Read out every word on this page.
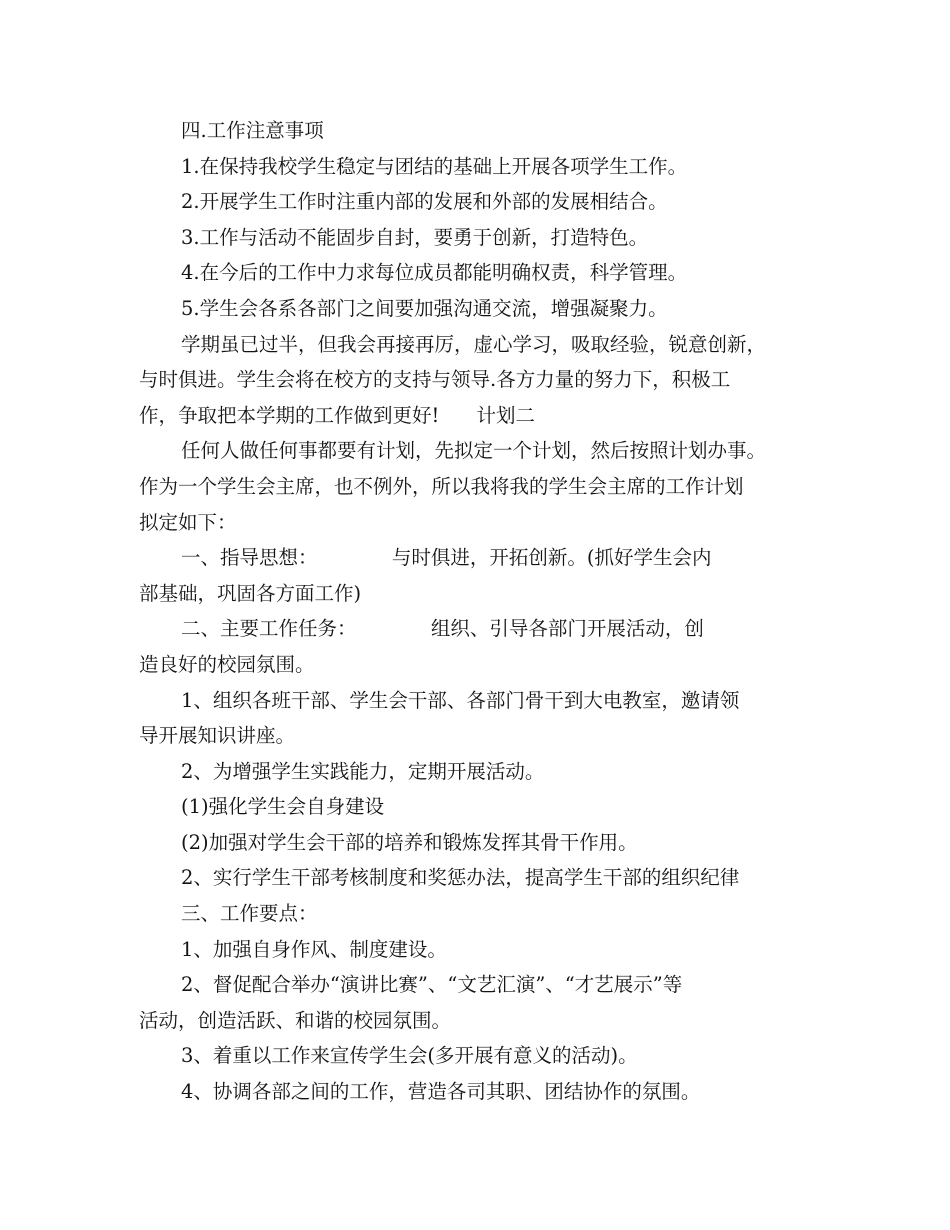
四.工作注意事项
1.在保持我校学生稳定与团结的基础上开展各项学生工作。
2.开展学生工作时注重内部的发展和外部的发展相结合。
3.工作与活动不能固步自封，要勇于创新，打造特色。
4.在今后的工作中力求每位成员都能明确权责，科学管理。
5.学生会各系各部门之间要加强沟通交流，增强凝聚力。
学期虽已过半，但我会再接再厉，虚心学习，吸取经验，锐意创新，
与时俱进。学生会将在校方的支持与领导.各方力量的努力下，积极工
作，争取把本学期的工作做到更好!      计划二
任何人做任何事都要有计划，先拟定一个计划，然后按照计划办事。
作为一个学生会主席，也不例外，所以我将我的学生会主席的工作计划
拟定如下：
一、指导思想：            与时俱进，开拓创新。(抓好学生会内
部基础，巩固各方面工作)
二、主要工作任务：            组织、引导各部门开展活动，创
造良好的校园氛围。
1、组织各班干部、学生会干部、各部门骨干到大电教室，邀请领
导开展知识讲座。
2、为增强学生实践能力，定期开展活动。
(1)强化学生会自身建设
(2)加强对学生会干部的培养和锻炼发挥其骨干作用。
2、实行学生干部考核制度和奖惩办法，提高学生干部的组织纪律
三、工作要点：
1、加强自身作风、制度建设。
2、督促配合举办“演讲比赛”、“文艺汇演”、“才艺展示”等
活动，创造活跃、和谐的校园氛围。
3、着重以工作来宣传学生会(多开展有意义的活动)。
4、协调各部之间的工作，营造各司其职、团结协作的氛围。
